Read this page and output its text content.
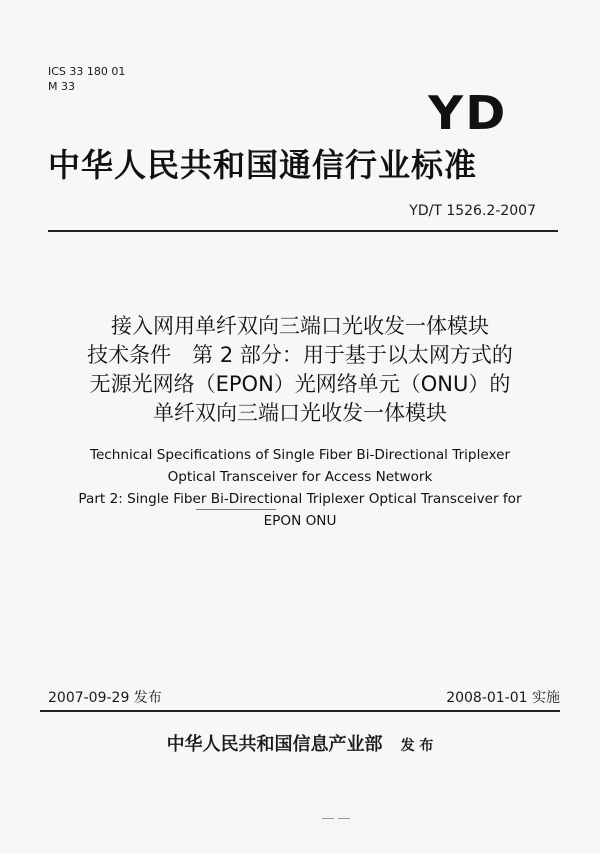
ICS 33 180 01
M 33	YD
中华人民共和国通信行业标准
YD/T 1526.2-2007
接入网用单纤双向三端口光收发一体模块
技术条件　第 2 部分：用于基于以太网方式的
无源光网络（EPON）光网络单元（ONU）的
单纤双向三端口光收发一体模块
Technical Specifications of Single Fiber Bi-Directional Triplexer
Optical Transceiver for Access Network
Part 2: Single Fiber Bi-Directional Triplexer Optical Transceiver for
EPON ONU
2007-09-29 发布	2008-01-01 实施
中华人民共和国信息产业部 发 布
